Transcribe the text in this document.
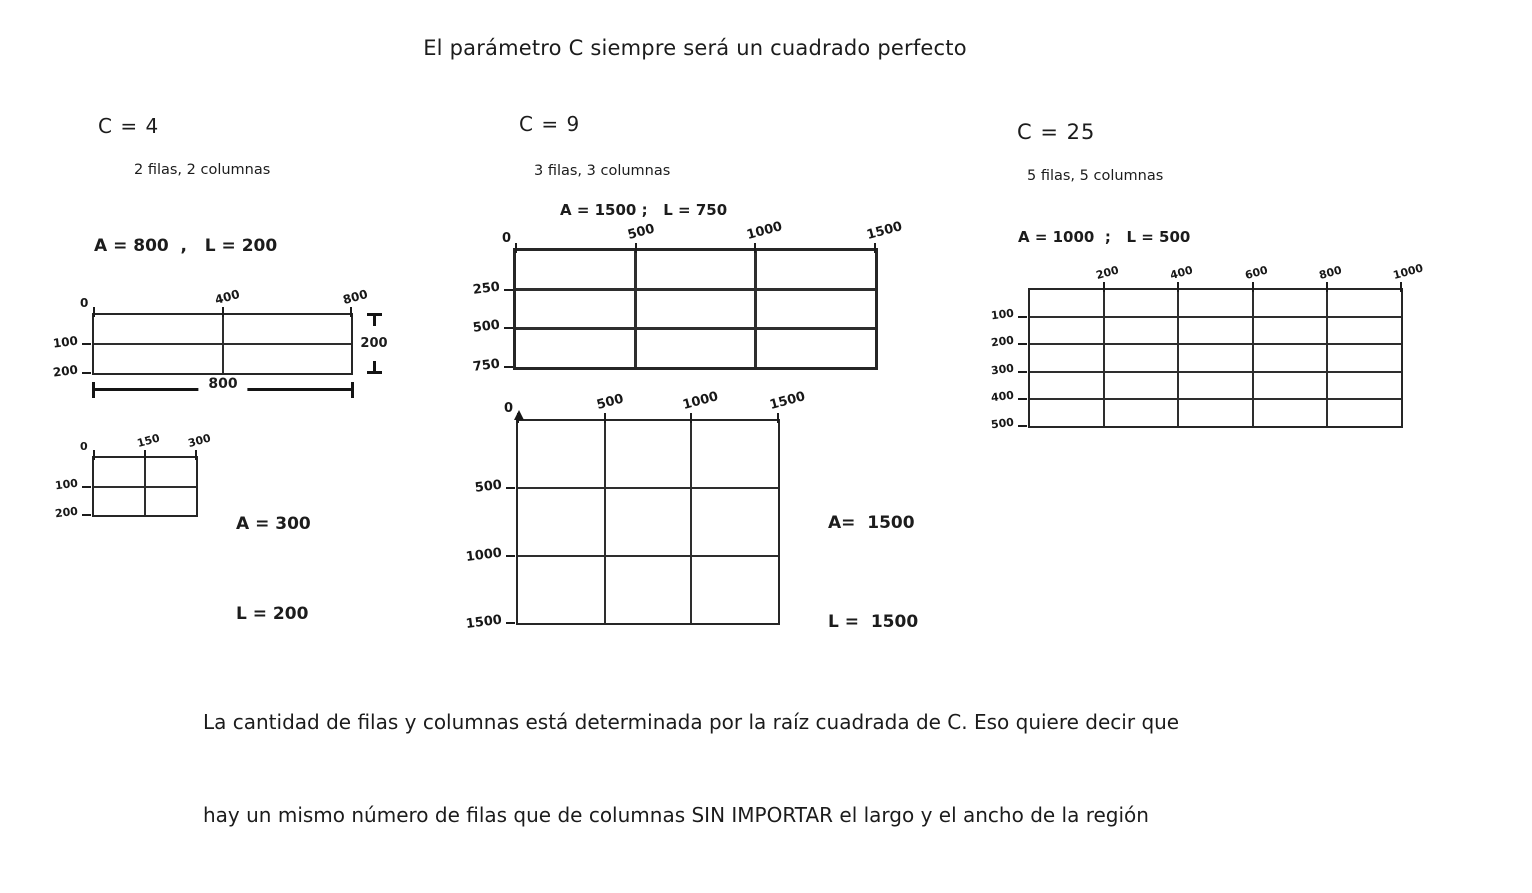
El parámetro C siempre será un cuadrado perfecto
C = 4
2 filas, 2 columnas
A = 800  ,   L = 200
C = 9
3 filas, 3 columnas
A = 1500 ;   L = 750
C = 25
5 filas, 5 columnas
A = 1000  ;   L = 500
0	400	800
100
200
0	150 300
100
200
0	500	1000	1500
250
500
750
0	500	1000	1500
500
1000
1500
200	400	600	800	1000
100
200
300
400
500
200
800

A = 300

L = 200

A=  1500

L =  1500

La cantidad de filas y columnas está determinada por la raíz cuadrada de C. Eso quiere decir que

hay un mismo número de filas que de columnas SIN IMPORTAR el largo y el ancho de la región
